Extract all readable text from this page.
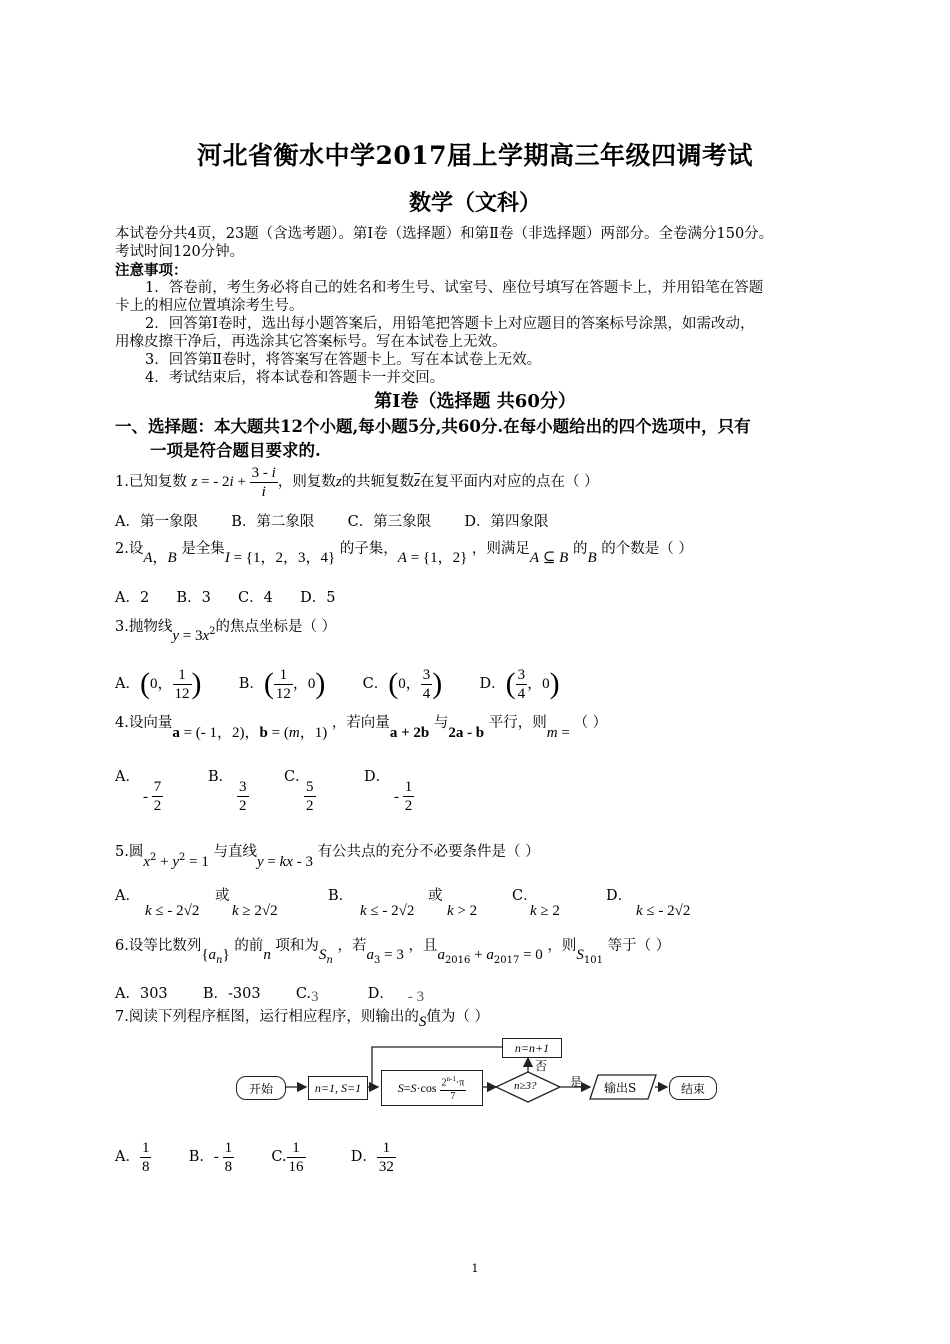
河北省衡水中学2017届上学期高三年级四调考试
数学（文科）
本试卷分共4页，23题（含选考题）。第Ⅰ卷（选择题）和第Ⅱ卷（非选择题）两部分。全卷满分150分。
考试时间120分钟。
注意事项：
1．答卷前，考生务必将自己的姓名和考生号、试室号、座位号填写在答题卡上，并用铅笔在答题
卡上的相应位置填涂考生号。
2．回答第Ⅰ卷时，选出每小题答案后，用铅笔把答题卡上对应题目的答案标号涂黑，如需改动，
用橡皮擦干净后，再选涂其它答案标号。写在本试卷上无效。
3．回答第Ⅱ卷时，将答案写在答题卡上。写在本试卷上无效。
4．考试结束后，将本试卷和答题卡一并交回。
第Ⅰ卷（选择题 共60分）
一、选择题：本大题共12个小题,每小题5分,共60分.在每小题给出的四个选项中，只有
一项是符合题目要求的.
1.已知复数 z = - $2i + \frac{3 - i}{i}$ ，则复数z的共轭复数$\overline{z}$在复平面内对应的点在（ ）
A．第一象限 B．第二象限 C．第三象限 D．第四象限
2.设A，B 是全集I = {1，2，3，4} 的子集，A = {1，2} ，则满足A ⊆ B 的B 的个数是（ ）
A．2 B．3 C．4 D．5
3.抛物线$y = 3x^2$的焦点坐标是（ ）
A．(0， $\frac{1}{12}$ )	B．( $\frac{1}{12}$ ，0)	C．(0， $\frac{3}{4}$ )	D．( $\frac{3}{4}$ ，0)
4.设向量a = (- 1，2)，b = (m，1) ，若向量a + 2b 与2a - b 平行，则m = （ ）
A．
- $\frac{7}{2}$
B．
$\frac{3}{2}$
C．
$\frac{5}{2}$
D．
- $\frac{1}{2}$
5.圆$x^2 + y^2 = 1$ 与直线y = kx - 3 有公共点的充分不必要条件是（ ）
A．
k ≤ - 2√2
或
k ≥ 2√2
B．
k ≤ - 2√2
或
k > 2
C．
k ≥ 2
D．
k ≤ - 2√2
6.设等比数列$\{a_n\}$ 的前n 项和为$S_n$ ，若$a_3 = 3$ ，且$a_{2016} + a_{2017} = 0$ ，则$S_{101}$ 等于（ ）
A．303 B．-303 C.3	D． - 3
7.阅读下列程序框图，运行相应程序，则输出的S值为（ ）
开始	n=1, S=1	$S = S \cdot\cos \frac{2^{n-1}\cdot\pi}{7}$
n=n+1
否
n≥3?	是 输出S	结束
A． $\frac{1}{8}$	B．- $\frac{1}{8}$	C. $\frac{1}{16}$	D． $\frac{1}{32}$
1
